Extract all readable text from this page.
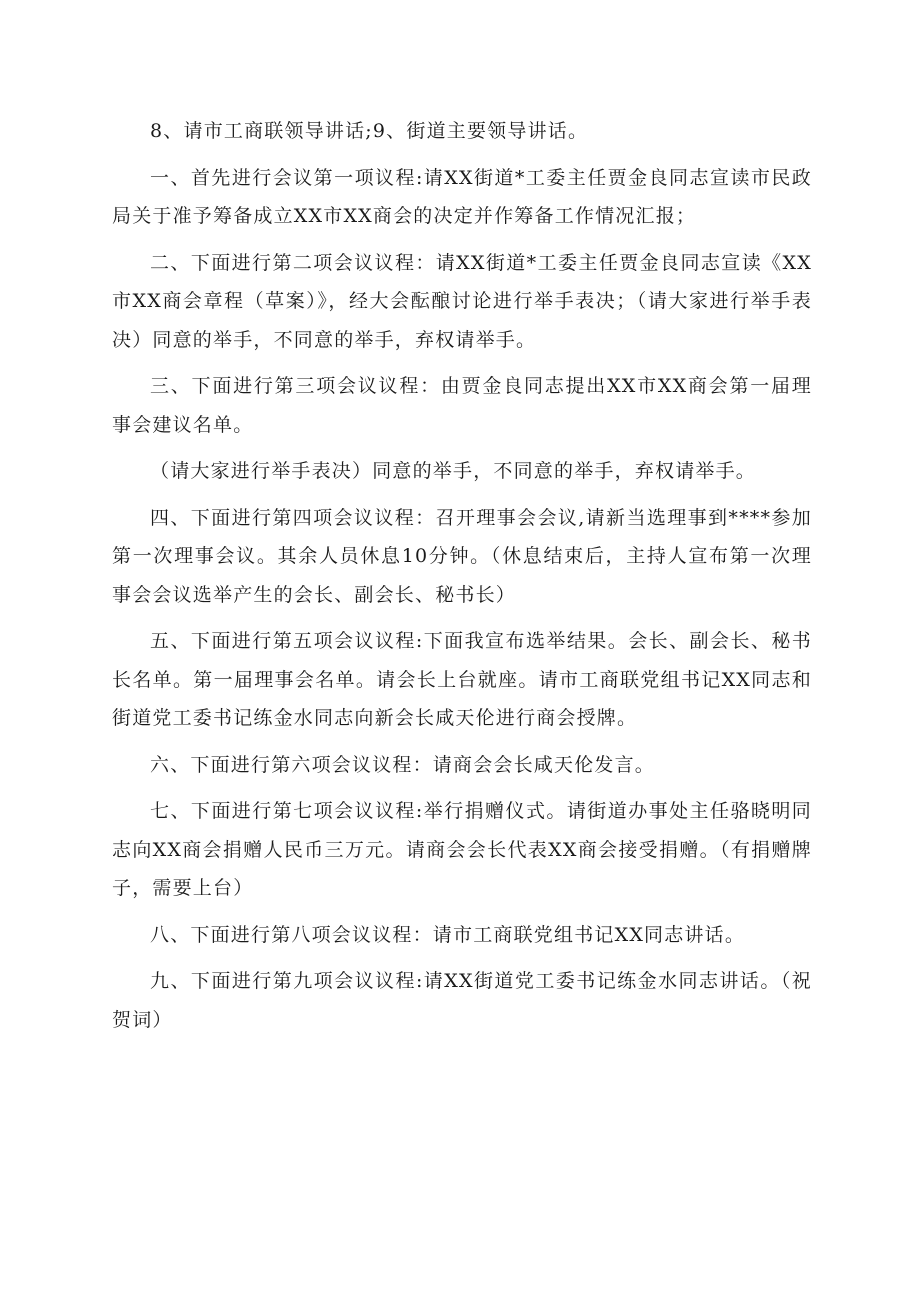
8、请市工商联领导讲话;9、街道主要领导讲话。

一、首先进行会议第一项议程:请XX街道*工委主任贾金良同志宣读市民政局关于准予筹备成立XX市XX商会的决定并作筹备工作情况汇报；

二、下面进行第二项会议议程：请XX街道*工委主任贾金良同志宣读《XX市XX商会章程（草案）》，经大会酝酿讨论进行举手表决；（请大家进行举手表决）同意的举手，不同意的举手，弃权请举手。

三、下面进行第三项会议议程：由贾金良同志提出XX市XX商会第一届理事会建议名单。

（请大家进行举手表决）同意的举手，不同意的举手，弃权请举手。

四、下面进行第四项会议议程：召开理事会会议,请新当选理事到****参加第一次理事会议。其余人员休息10分钟。（休息结束后，主持人宣布第一次理事会会议选举产生的会长、副会长、秘书长）

五、下面进行第五项会议议程:下面我宣布选举结果。会长、副会长、秘书长名单。第一届理事会名单。请会长上台就座。请市工商联党组书记XX同志和街道党工委书记练金水同志向新会长咸天伦进行商会授牌。

六、下面进行第六项会议议程：请商会会长咸天伦发言。

七、下面进行第七项会议议程:举行捐赠仪式。请街道办事处主任骆晓明同志向XX商会捐赠人民币三万元。请商会会长代表XX商会接受捐赠。（有捐赠牌子，需要上台）

八、下面进行第八项会议议程：请市工商联党组书记XX同志讲话。

九、下面进行第九项会议议程:请XX街道党工委书记练金水同志讲话。（祝贺词）
